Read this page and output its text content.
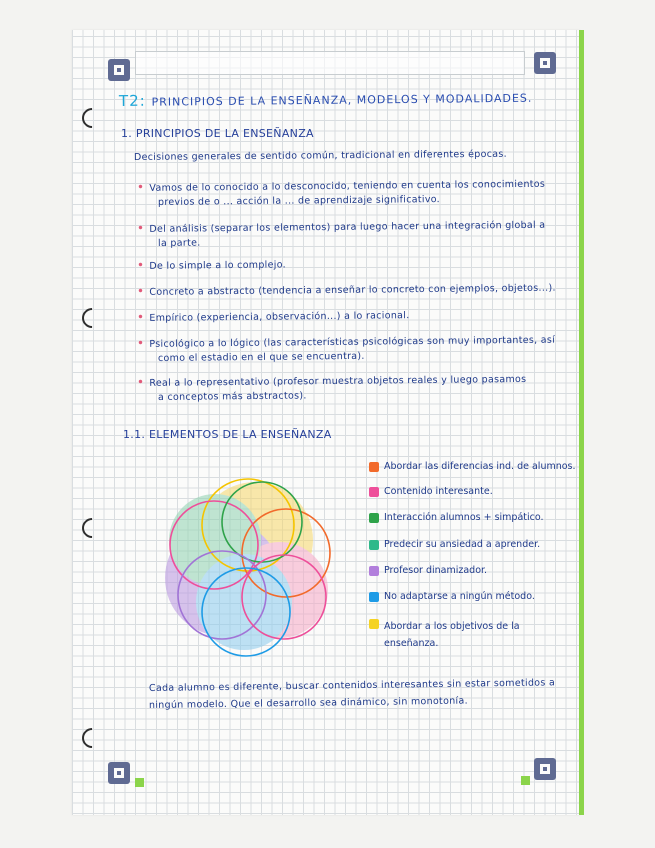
T2: PRINCIPIOS DE LA ENSEÑANZA, MODELOS Y MODALIDADES.
1. PRINCIPIOS DE LA ENSEÑANZA
Decisiones generales de sentido común, tradicional en diferentes épocas.
• Vamos de lo conocido a lo desconocido, teniendo en cuenta los conocimientos
previos de o ... acción la ... de aprendizaje significativo.
• Del análisis (separar los elementos) para luego hacer una integración global a
la parte.
• De lo simple a lo complejo.
• Concreto a abstracto (tendencia a enseñar lo concreto con ejemplos, objetos...).
• Empírico (experiencia, observación...) a lo racional.
• Psicológico a lo lógico (las características psicológicas son muy importantes, así
como el estadio en el que se encuentra).
• Real a lo representativo (profesor muestra objetos reales y luego pasamos
a conceptos más abstractos).
1.1. ELEMENTOS DE LA ENSEÑANZA
Abordar las diferencias ind. de alumnos.
Contenido interesante.
Interacción alumnos + simpático.
Predecir su ansiedad a aprender.
Profesor dinamizador.
No adaptarse a ningún método.
Abordar a los objetivos de la enseñanza.
Cada alumno es diferente, buscar contenidos interesantes sin estar sometidos a
ningún modelo. Que el desarrollo sea dinámico, sin monotonía.
